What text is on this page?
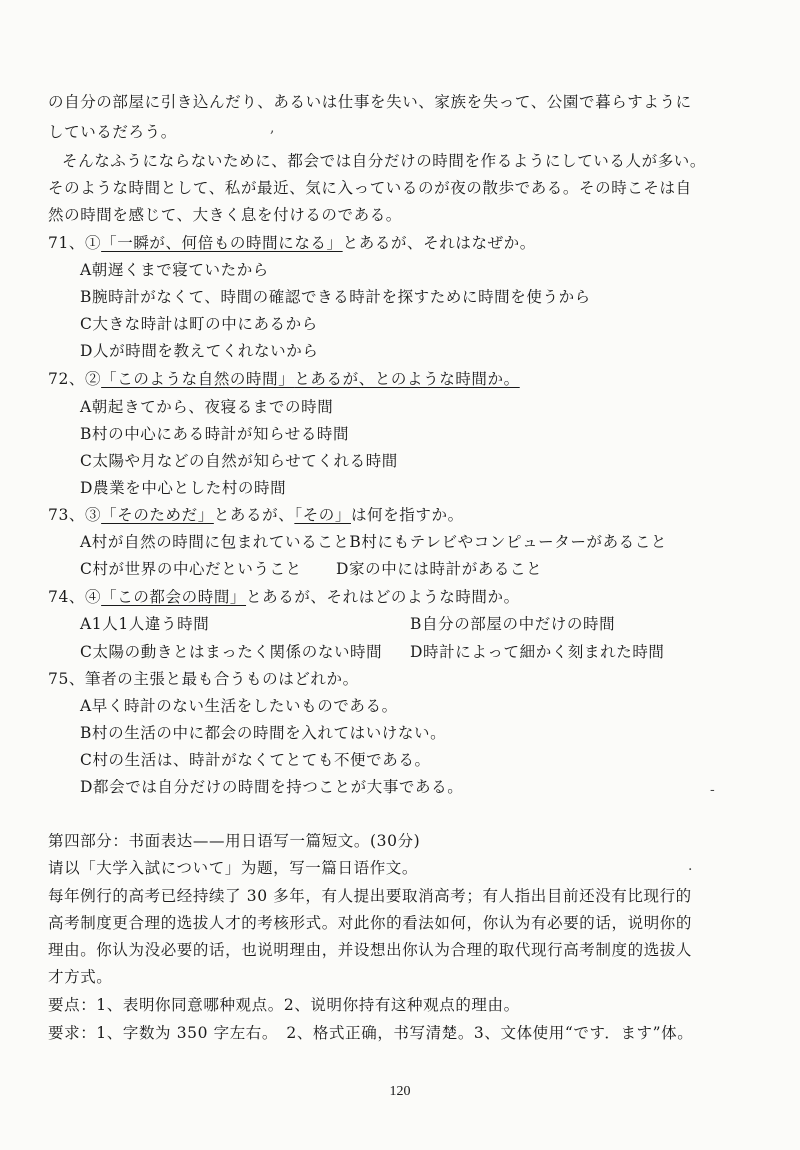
の自分の部屋に引き込んだり、あるいは仕事を失い、家族を失って、公園で暮らすように
しているだろう。
そんなふうにならないために、都会では自分だけの時間を作るようにしている人が多い。
そのような時間として、私が最近、気に入っているのが夜の散歩である。その時こそは自
然の時間を感じて、大きく息を付けるのである。
71、①「一瞬が、何倍もの時間になる」とあるが、それはなぜか。
A朝遅くまで寝ていたから
B腕時計がなくて、時間の確認できる時計を探すために時間を使うから
C大きな時計は町の中にあるから
D人が時間を教えてくれないから
72、②「このような自然の時間」とあるが、とのような時間か。
A朝起きてから、夜寝るまでの時間
B村の中心にある時計が知らせる時間
C太陽や月などの自然が知らせてくれる時間
D農業を中心とした村の時間
73、③「そのためだ」とあるが、「その」は何を指すか。
A村が自然の時間に包まれていることB村にもテレビやコンピューターがあること
C村が世界の中心だということ D家の中には時計があること
74、④「この都会の時間」とあるが、それはどのような時間か。
A1人1人違う時間	B自分の部屋の中だけの時間
C太陽の動きとはまったく関係のない時間 D時計によって細かく刻まれた時間
75、筆者の主張と最も合うものはどれか。
A早く時計のない生活をしたいものである。
B村の生活の中に都会の時間を入れてはいけない。
C村の生活は、時計がなくてとても不便である。
D都会では自分だけの時間を持つことが大事である。
第四部分：书面表达——用日语写一篇短文。(30分)
请以「大学入試について」为题，写一篇日语作文。
每年例行的高考已经持续了 30 多年，有人提出要取消高考；有人指出目前还没有比现行的
高考制度更合理的选拔人才的考核形式。对此你的看法如何，你认为有必要的话，说明你的
理由。你认为没必要的话，也说明理由，并设想出你认为合理的取代现行高考制度的选拔人
才方式。
要点：1、表明你同意哪种观点。2、说明你持有这种观点的理由。
要求：1、字数为 350 字左右。　2、格式正确，书写清楚。3、文体使用“です．ます”体。
120
,
-
·
